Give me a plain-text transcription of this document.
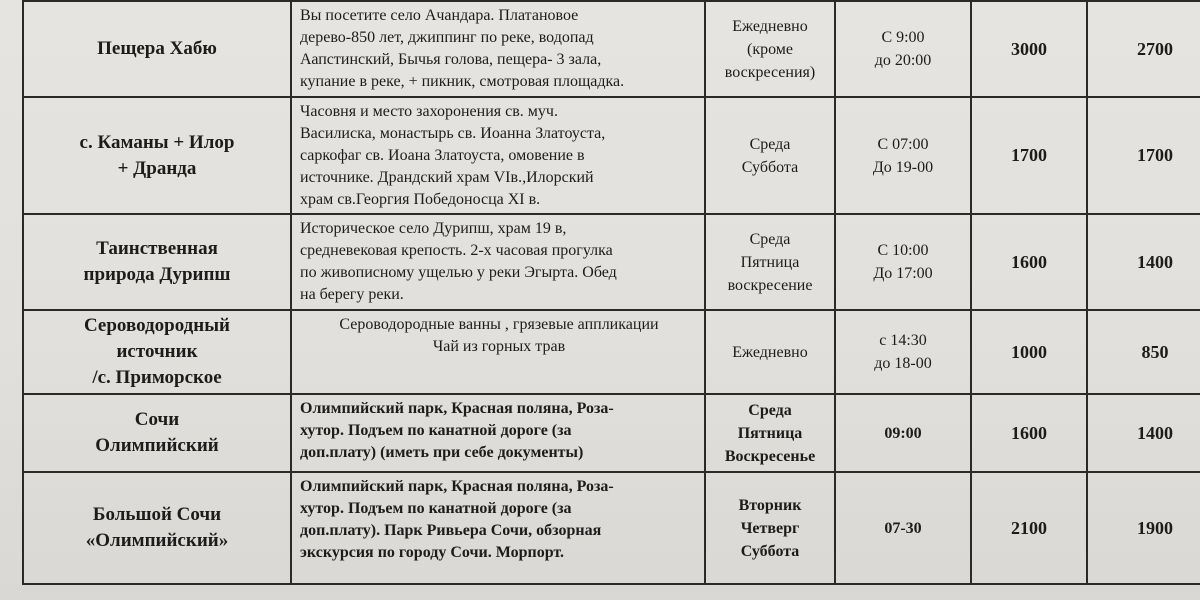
Пещера Хабю	Вы посетите село Ачандара. Платановое
дерево-850 лет, джиппинг по реке, водопад
Аапстинский, Бычья голова, пещера- 3 зала,
купание в реке, + пикник, смотровая площадка.	Ежедневно
(кроме
воскресения)	С 9:00
до 20:00	3000	2700

с. Каманы + Илор
+ Дранда	Часовня и место захоронения св. муч.
Василиска, монастырь св. Иоанна Златоуста,
саркофаг св. Иоана Златоуста, омовение в
источнике. Драндский храм VIв.,Илорский
храм св.Георгия Победоносца XI в.	Среда
Суббота	С 07:00
До 19-00	1700	1700

Таинственная
природа Дурипш	Историческое село Дурипш, храм 19 в,
средневековая крепость. 2-х часовая прогулка
по живописному ущелью у реки Эгырта. Обед
на берегу реки.	Среда
Пятница
воскресение	С 10:00
До 17:00	1600	1400

Сероводородный
источник
/с. Приморское	Сероводородные ванны , грязевые аппликации
Чай из горных трав	Ежедневно	с 14:30
до 18-00	1000	850

Сочи
Олимпийский	Олимпийский парк, Красная поляна, Роза-
хутор. Подъем по канатной дороге (за
доп.плату) (иметь при себе документы)	Среда
Пятница
Воскресенье	09:00	1600	1400

Большой Сочи
«Олимпийский»	Олимпийский парк, Красная поляна, Роза-
хутор. Подъем по канатной дороге (за
доп.плату). Парк Ривьера Сочи, обзорная
экскурсия по городу Сочи. Морпорт.	Вторник
Четверг
Суббота	07-30	2100	1900
